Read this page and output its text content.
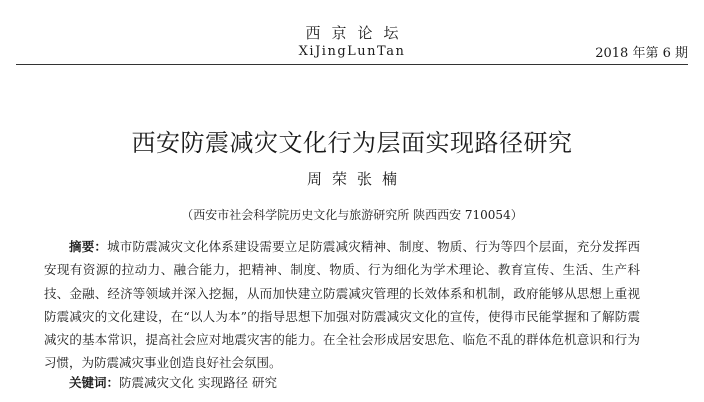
西京论坛
XiJingLunTan	2018 年第 6 期
西安防震减灾文化行为层面实现路径研究
周荣张楠
（西安市社会科学院历史文化与旅游研究所 陕西西安 710054）

摘要：城市防震减灾文化体系建设需要立足防震减灾精神、制度、物质、行为等四个层面，充分发挥西安现有资源的拉动力、融合能力，把精神、制度、物质、行为细化为学术理论、教育宣传、生活、生产科技、金融、经济等领域并深入挖掘，从而加快建立防震减灾管理的长效体系和机制，政府能够从思想上重视防震减灾的文化建设，在“以人为本”的指导思想下加强对防震减灾文化的宣传，使得市民能掌握和了解防震减灾的基本常识，提高社会应对地震灾害的能力。在全社会形成居安思危、临危不乱的群体危机意识和行为习惯，为防震减灾事业创造良好社会氛围。

关键词：防震减灾文化 实现路径 研究
